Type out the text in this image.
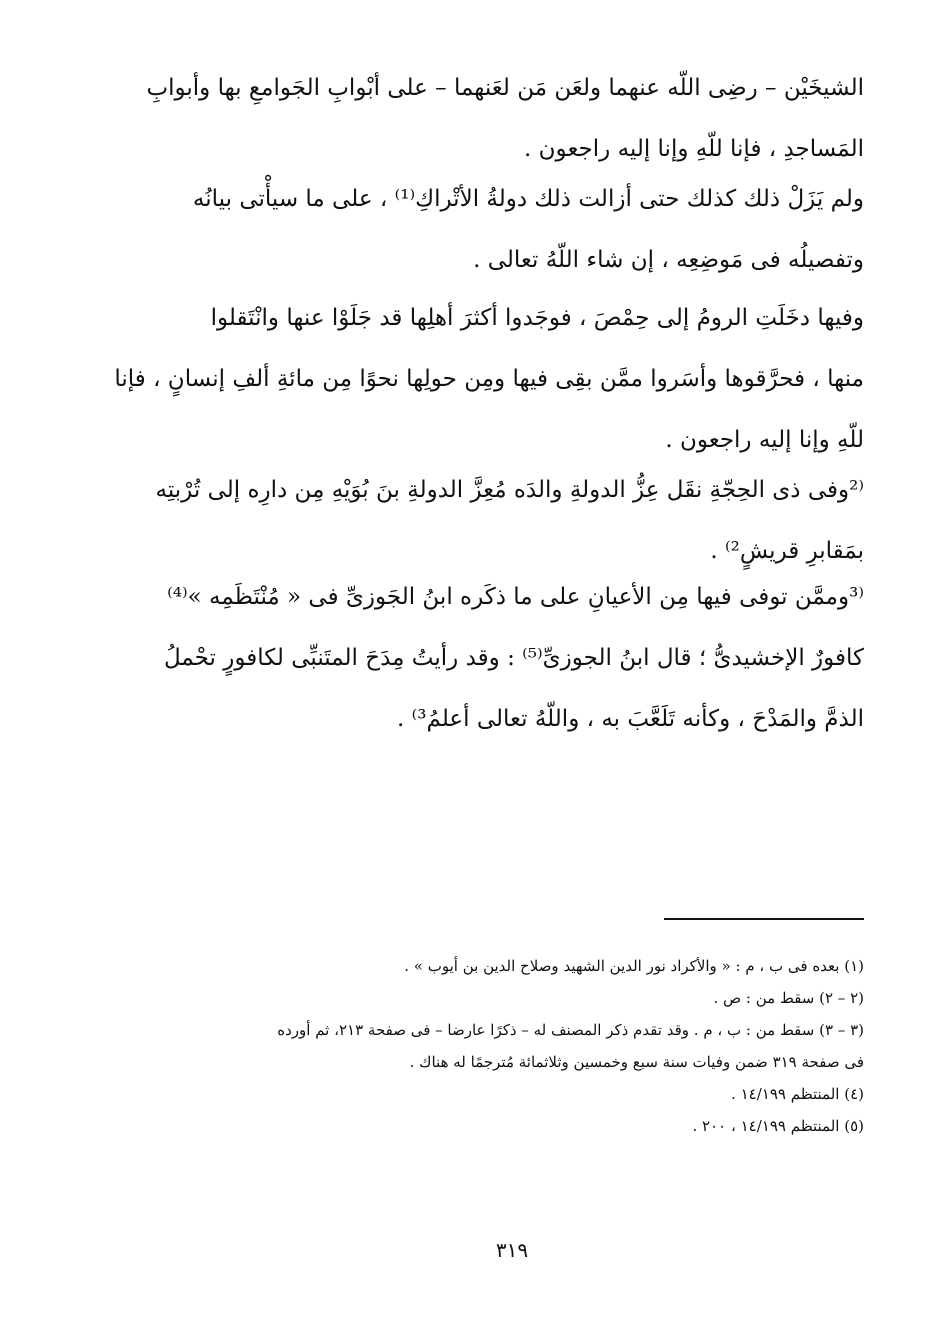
الشيخَيْن – رضِى اللّه عنهما ولعَن مَن لعَنهما – على أبْوابِ الجَوامعِ بها وأبوابِ
المَساجدِ ، فإنا للّهِ وإنا إليه راجعون .

ولم يَزَلْ ذلك كذلك حتى أزالت ذلك دولةُ الأتْراكِ⁽¹⁾ ، على ما سيأْتى بيانُه
وتفصيلُه فى مَوضِعِه ، إن شاء اللّهُ تعالى .

وفيها دخَلَتِ الرومُ إلى حِمْصَ ، فوجَدوا أكثرَ أهلِها قد جَلَوْا عنها وانْتَقلوا
منها ، فحرَّقوها وأسَروا ممَّن بقِى فيها ومِن حولِها نحوًا مِن مائةِ ألفِ إنسانٍ ، فإنا
للّهِ وإنا إليه راجعون .

⁽²وفى ذى الحِجّةِ نقَل عِزُّ الدولةِ والدَه مُعِزَّ الدولةِ بنَ بُوَيْهِ مِن دارِه إلى تُرْبتِه
بمَقابرِ قريشٍ²⁾ .

⁽³وممَّن توفى فيها مِن الأعيانِ على ما ذكَره ابنُ الجَوزىِّ فى « مُنْتَظَمِه »⁽⁴⁾
كافورٌ الإخشيدىُّ ؛ قال ابنُ الجوزىِّ⁽⁵⁾ : وقد رأيتُ مِدَحَ المتَنبِّى لكافورٍ تحْملُ
الذمَّ والمَدْحَ ، وكأنه تَلَعَّبَ به ، واللّهُ تعالى أعلمُ³⁾ .

(١) بعده فى ب ، م : « والأكراد نور الدين الشهيد وصلاح الدين بن أيوب » .
(٢ – ٢) سقط من : ص .
(٣ – ٣) سقط من : ب ، م . وقد تقدم ذكر المصنف له – ذكرًا عارضا – فى صفحة ٢١٣، ثم أورده
فى صفحة ٣١٩ ضمن وفيات سنة سبع وخمسين وثلاثمائة مُترجمًا له هناك .
(٤) المنتظم ١٤/١٩٩ .
(٥) المنتظم ١٤/١٩٩ ، ٢٠٠ .
٣١٩
